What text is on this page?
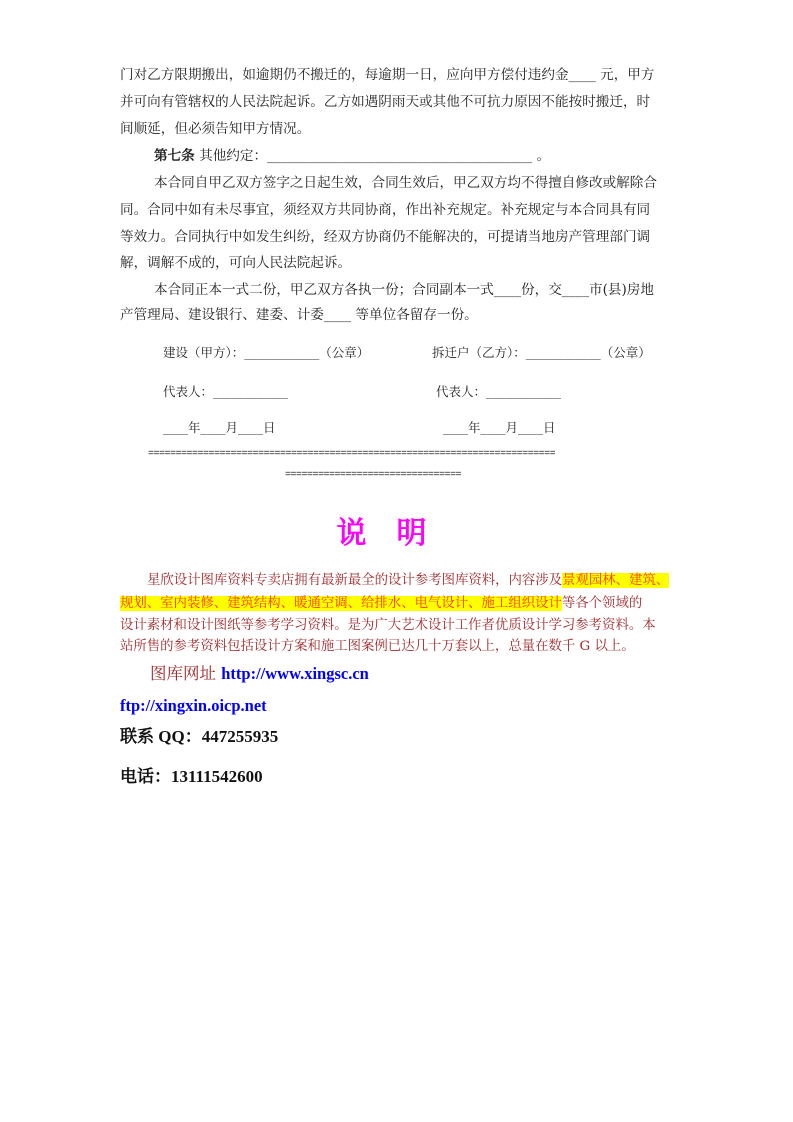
门对乙方限期搬出，如逾期仍不搬迁的，每逾期一日，应向甲方偿付违约金____ 元，甲方
并可向有管辖权的人民法院起诉。乙方如遇阴雨天或其他不可抗力原因不能按时搬迁，时
间顺延，但必须告知甲方情况。
第七条 其他约定：_______________________________________ 。
本合同自甲乙双方签字之日起生效，合同生效后，甲乙双方均不得擅自修改或解除合
同。合同中如有未尽事宜，须经双方共同协商，作出补充规定。补充规定与本合同具有同
等效力。合同执行中如发生纠纷，经双方协商仍不能解决的，可提请当地房产管理部门调
解，调解不成的，可向人民法院起诉。
本合同正本一式二份，甲乙双方各执一份；合同副本一式____份，交____市(县)房地
产管理局、建设银行、建委、计委____ 等单位各留存一份。
建设（甲方）：____________（公章）	拆迁户（乙方）：____________（公章）
代表人：____________	代表人：____________
____年____月____日	____年____月____日
==========================================================================
================================
说明
星欣设计图库资料专卖店拥有最新最全的设计参考图库资料，内容涉及景观园林、建筑、
规划、室内装修、建筑结构、暖通空调、给排水、电气设计、施工组织设计等各个领域的
设计素材和设计图纸等参考学习资料。是为广大艺术设计工作者优质设计学习参考资料。本
站所售的参考资料包括设计方案和施工图案例已达几十万套以上，总量在数千 G 以上。
图库网址 http://www.xingsc.cn
ftp://xingxin.oicp.net
联系 QQ：447255935
电话：13111542600
